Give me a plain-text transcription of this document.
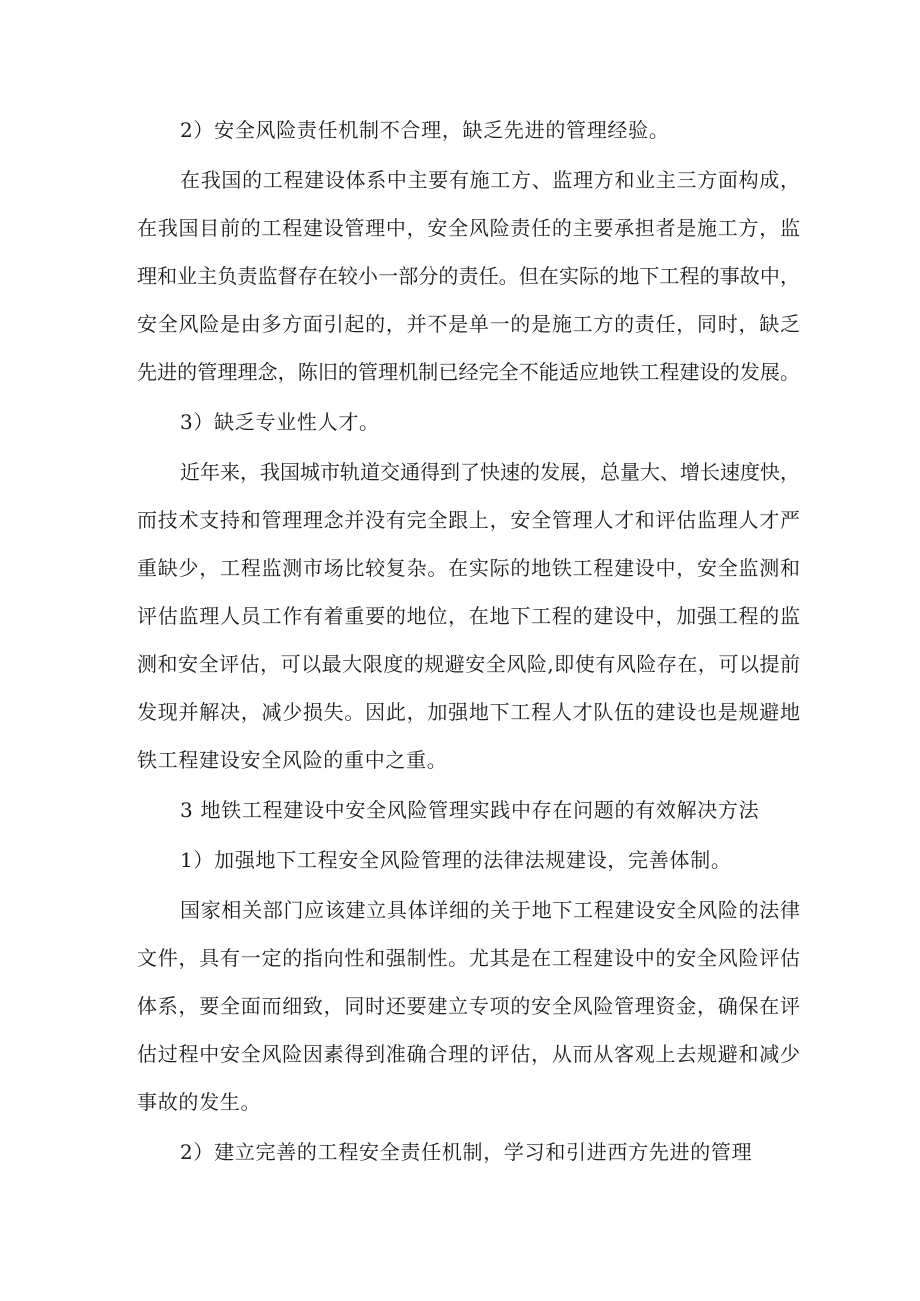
2）安全风险责任机制不合理，缺乏先进的管理经验。
在我国的工程建设体系中主要有施工方、监理方和业主三方面构成，
在我国目前的工程建设管理中，安全风险责任的主要承担者是施工方，监
理和业主负责监督存在较小一部分的责任。但在实际的地下工程的事故中，
安全风险是由多方面引起的，并不是单一的是施工方的责任，同时，缺乏
先进的管理理念，陈旧的管理机制已经完全不能适应地铁工程建设的发展。
3）缺乏专业性人才。
近年来，我国城市轨道交通得到了快速的发展，总量大、增长速度快，
而技术支持和管理理念并没有完全跟上，安全管理人才和评估监理人才严
重缺少，工程监测市场比较复杂。在实际的地铁工程建设中，安全监测和
评估监理人员工作有着重要的地位，在地下工程的建设中，加强工程的监
测和安全评估，可以最大限度的规避安全风险,即使有风险存在，可以提前
发现并解决，减少损失。因此，加强地下工程人才队伍的建设也是规避地
铁工程建设安全风险的重中之重。
3 地铁工程建设中安全风险管理实践中存在问题的有效解决方法
1）加强地下工程安全风险管理的法律法规建设，完善体制。
国家相关部门应该建立具体详细的关于地下工程建设安全风险的法律
文件，具有一定的指向性和强制性。尤其是在工程建设中的安全风险评估
体系，要全面而细致，同时还要建立专项的安全风险管理资金，确保在评
估过程中安全风险因素得到准确合理的评估，从而从客观上去规避和减少
事故的发生。
2）建立完善的工程安全责任机制，学习和引进西方先进的管理
